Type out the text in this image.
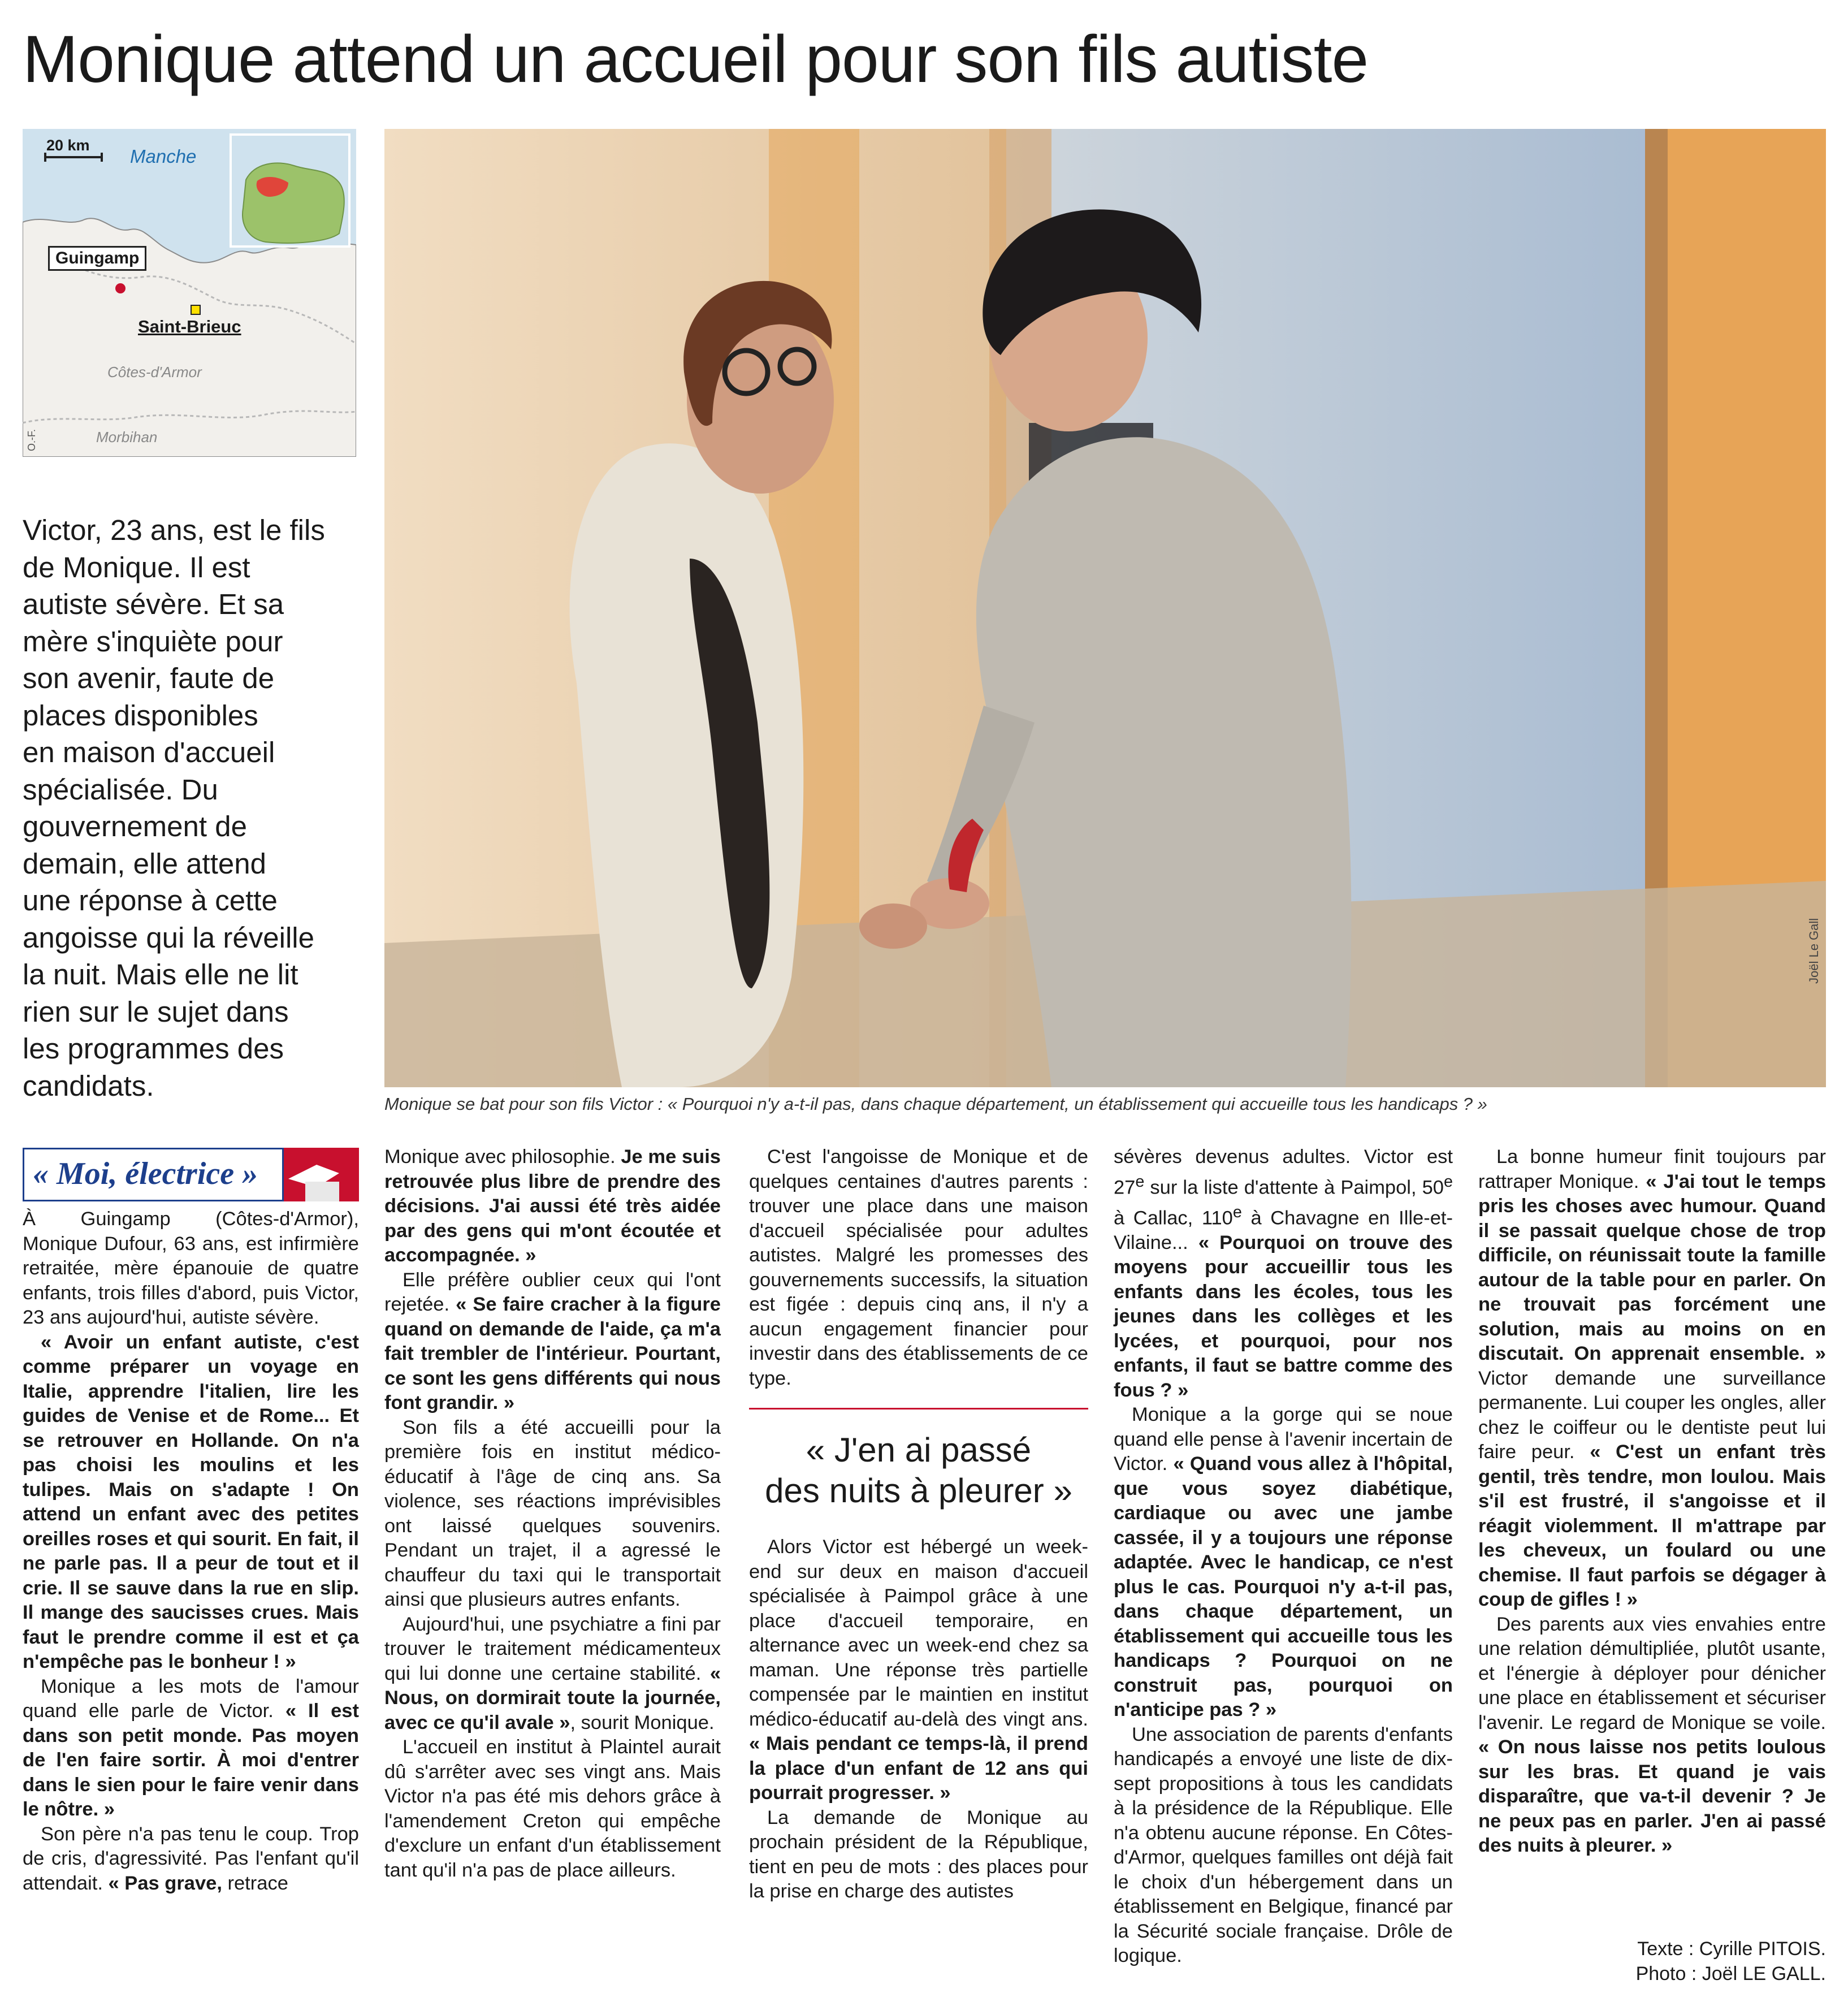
Monique attend un accueil pour son fils autiste
20 km
Manche
Guingamp
Saint-Brieuc
Côtes-d'Armor
Morbihan
O.-F.
Joël Le Gall
Monique se bat pour son fils Victor : « Pourquoi n'y a-t-il pas, dans chaque département, un établissement qui accueille tous les handicaps ? »
Victor, 23 ans, est le fils
de Monique. Il est
autiste sévère. Et sa
mère s'inquiète pour
son avenir, faute de
places disponibles
en maison d'accueil
spécialisée. Du
gouvernement de
demain, elle attend
une réponse à cette
angoisse qui la réveille
la nuit. Mais elle ne lit
rien sur le sujet dans
les programmes des
candidats.
« Moi, électrice »

À Guingamp (Côtes-d'Armor), Monique Dufour, 63 ans, est infirmière retraitée, mère épanouie de quatre enfants, trois filles d'abord, puis Victor, 23 ans aujourd'hui, autiste sévère.

« Avoir un enfant autiste, c'est comme préparer un voyage en Italie, apprendre l'italien, lire les guides de Venise et de Rome... Et se retrouver en Hollande. On n'a pas choisi les moulins et les tulipes. Mais on s'adapte ! On attend un enfant avec des petites oreilles roses et qui sourit. En fait, il ne parle pas. Il a peur de tout et il crie. Il se sauve dans la rue en slip. Il mange des saucisses crues. Mais faut le prendre comme il est et ça n'empêche pas le bonheur ! »

Monique a les mots de l'amour quand elle parle de Victor. « Il est dans son petit monde. Pas moyen de l'en faire sortir. À moi d'entrer dans le sien pour le faire venir dans le nôtre. »

Son père n'a pas tenu le coup. Trop de cris, d'agressivité. Pas l'enfant qu'il attendait. « Pas grave, retrace

Monique avec philosophie. Je me suis retrouvée plus libre de prendre des décisions. J'ai aussi été très aidée par des gens qui m'ont écoutée et accompagnée. »

Elle préfère oublier ceux qui l'ont rejetée. « Se faire cracher à la figure quand on demande de l'aide, ça m'a fait trembler de l'intérieur. Pourtant, ce sont les gens différents qui nous font grandir. »

Son fils a été accueilli pour la première fois en institut médico-éducatif à l'âge de cinq ans. Sa violence, ses réactions imprévisibles ont laissé quelques souvenirs. Pendant un trajet, il a agressé le chauffeur du taxi qui le transportait ainsi que plusieurs autres enfants.

Aujourd'hui, une psychiatre a fini par trouver le traitement médicamenteux qui lui donne une certaine stabilité. « Nous, on dormirait toute la journée, avec ce qu'il avale », sourit Monique.

L'accueil en institut à Plaintel aurait dû s'arrêter avec ses vingt ans. Mais Victor n'a pas été mis dehors grâce à l'amendement Creton qui empêche d'exclure un enfant d'un établissement tant qu'il n'a pas de place ailleurs.

C'est l'angoisse de Monique et de quelques centaines d'autres parents : trouver une place dans une maison d'accueil spécialisée pour adultes autistes. Malgré les promesses des gouvernements successifs, la situation est figée : depuis cinq ans, il n'y a aucun engagement financier pour investir dans des établissements de ce type.

« J'en ai passé
des nuits à pleurer »

Alors Victor est hébergé un week-end sur deux en maison d'accueil spécialisée à Paimpol grâce à une place d'accueil temporaire, en alternance avec un week-end chez sa maman. Une réponse très partielle compensée par le maintien en institut médico-éducatif au-delà des vingt ans. « Mais pendant ce temps-là, il prend la place d'un enfant de 12 ans qui pourrait progresser. »

La demande de Monique au prochain président de la République, tient en peu de mots : des places pour la prise en charge des autistes

sévères devenus adultes. Victor est 27e sur la liste d'attente à Paimpol, 50e à Callac, 110e à Chavagne en Ille-et-Vilaine... « Pourquoi on trouve des moyens pour accueillir tous les enfants dans les écoles, tous les jeunes dans les collèges et les lycées, et pourquoi, pour nos enfants, il faut se battre comme des fous ? »

Monique a la gorge qui se noue quand elle pense à l'avenir incertain de Victor. « Quand vous allez à l'hôpital, que vous soyez diabétique, cardiaque ou avec une jambe cassée, il y a toujours une réponse adaptée. Avec le handicap, ce n'est plus le cas. Pourquoi n'y a-t-il pas, dans chaque département, un établissement qui accueille tous les handicaps ? Pourquoi on ne construit pas, pourquoi on n'anticipe pas ? »

Une association de parents d'enfants handicapés a envoyé une liste de dix-sept propositions à tous les candidats à la présidence de la République. Elle n'a obtenu aucune réponse. En Côtes-d'Armor, quelques familles ont déjà fait le choix d'un hébergement dans un établissement en Belgique, financé par la Sécurité sociale française. Drôle de logique.

La bonne humeur finit toujours par rattraper Monique. « J'ai tout le temps pris les choses avec humour. Quand il se passait quelque chose de trop difficile, on réunissait toute la famille autour de la table pour en parler. On ne trouvait pas forcément une solution, mais au moins on en discutait. On apprenait ensemble. » Victor demande une surveillance permanente. Lui couper les ongles, aller chez le coiffeur ou le dentiste peut lui faire peur. « C'est un enfant très gentil, très tendre, mon loulou. Mais s'il est frustré, il s'angoisse et il réagit violemment. Il m'attrape par les cheveux, un foulard ou une chemise. Il faut parfois se dégager à coup de gifles ! »

Des parents aux vies envahies entre une relation démultipliée, plutôt usante, et l'énergie à déployer pour dénicher une place en établissement et sécuriser l'avenir. Le regard de Monique se voile. « On nous laisse nos petits loulous sur les bras. Et quand je vais disparaître, que va-t-il devenir ? Je ne peux pas en parler. J'en ai passé des nuits à pleurer. »

Texte : Cyrille PITOIS.
Photo : Joël LE GALL.
